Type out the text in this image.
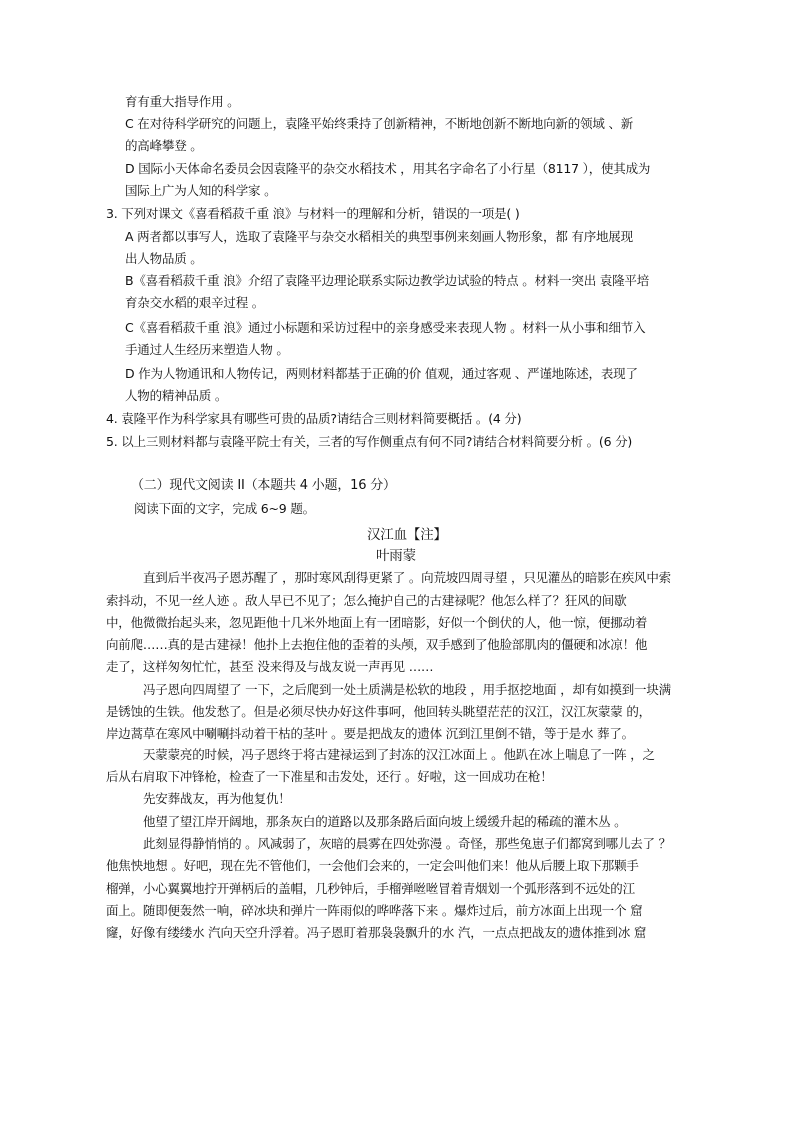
育有重大指导作用 。
C 在对待科学研究的问题上，袁隆平始终秉持了创新精神，不断地创新不断地向新的领域 、新
的高峰攀登 。
D 国际小天体命名委员会因袁隆平的杂交水稻技术 ，用其名字命名了小行星（8117 ），使其成为
国际上广为人知的科学家 。
3. 下列对课文《喜看稻菽千重 浪》与材料一的理解和分析，错误的一项是( )
A 两者都以事写人，选取了袁隆平与杂交水稻相关的典型事例来刻画人物形象，都 有序地展现
出人物品质 。
B《喜看稻菽千重 浪》介绍了袁隆平边理论联系实际边教学边试验的特点 。材料一突出 袁隆平培
育杂交水稻的艰辛过程 。
C《喜看稻菽千重 浪》通过小标题和采访过程中的亲身感受来表现人物 。材料一从小事和细节入
手通过人生经历来塑造人物 。
D 作为人物通讯和人物传记，两则材料都基于正确的价 值观，通过客观 、严谨地陈述，表现了
人物的精神品质 。
4. 袁隆平作为科学家具有哪些可贵的品质?请结合三则材料简要概括 。(4 分)
5. 以上三则材料都与袁隆平院士有关，三者的写作侧重点有何不同?请结合材料简要分析 。(6 分)
（二）现代文阅读 II（本题共 4 小题，16 分）
阅读下面的文字，完成 6~9 题。
汉江血【注】
叶雨蒙
直到后半夜冯子恩苏醒了 ，那时寒风刮得更紧了 。向荒坡四周寻望 ，只见灌丛的暗影在疾风中索
索抖动，不见一丝人迹 。敌人早已不见了；怎么掩护自己的古建禄呢？他怎么样了？狂风的间歇
中，他微微抬起头来，忽见距他十几米外地面上有一团暗影，好似一个倒伏的人，他一惊，便挪动着
向前爬……真的是古建禄！他扑上去抱住他的歪着的头颅，双手感到了他脸部肌肉的僵硬和冰凉！他
走了，这样匆匆忙忙，甚至 没来得及与战友说一声再见 ……
冯子恩向四周望了 一下，之后爬到一处土质满是松软的地段 ，用手抠挖地面 ，却有如摸到一块满
是锈蚀的生铁。他发愁了。但是必须尽快办好这件事呵，他回转头眺望茫茫的汉江，汉江灰蒙蒙 的，
岸边蒿草在寒风中唰唰抖动着干枯的茎叶 。要是把战友的遗体 沉到江里倒不错，等于是水 葬了。
天蒙蒙亮的时候，冯子恩终于将古建禄运到了封冻的汉江冰面上 。他趴在冰上喘息了一阵 ，之
后从右肩取下冲锋枪，检查了一下准星和击发处，还行 。好啦，这一回成功在枪！
先安葬战友，再为他复仇！
他望了望江岸开阔地，那条灰白的道路以及那条路后面向坡上缓缓升起的稀疏的灌木丛 。
此刻显得静悄悄的 。风减弱了，灰暗的晨雾在四处弥漫 。奇怪，那些兔崽子们都窝到哪儿去了 ？
他焦怏地想 。好吧，现在先不管他们，一会他们会来的，一定会叫他们来！他从后腰上取下那颗手
榴弹，小心翼翼地拧开弹柄后的盖帽，几秒钟后，手榴弹咝咝冒着青烟划一个弧形落到不远处的江
面上。随即便轰然一响，碎冰块和弹片一阵雨似的哗哗落下来 。爆炸过后，前方冰面上出现一个 窟
窿，好像有缕缕水 汽向天空升浮着。冯子恩盯着那袅袅飘升的水 汽，一点点把战友的遗体推到冰 窟
